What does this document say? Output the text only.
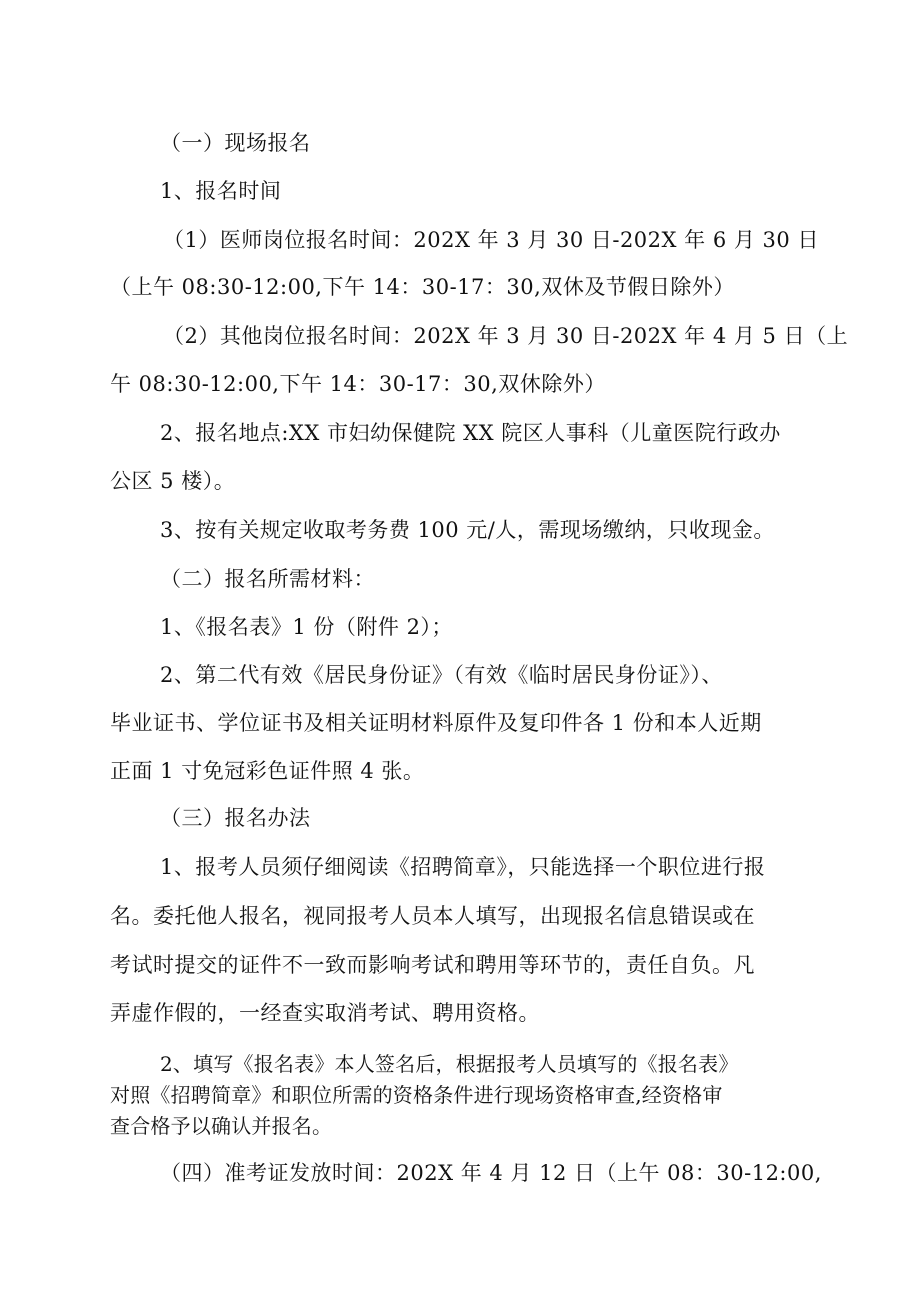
（一）现场报名
1、报名时间
（1）医师岗位报名时间：202X 年 3 月 30 日-202X 年 6 月 30 日
（上午 08:30-12:00,下午 14：30-17：30,双休及节假日除外）
（2）其他岗位报名时间：202X 年 3 月 30 日-202X 年 4 月 5 日（上
午 08:30-12:00,下午 14：30-17：30,双休除外）
2、报名地点:XX 市妇幼保健院 XX 院区人事科（儿童医院行政办
公区 5 楼）。
3、按有关规定收取考务费 100 元/人，需现场缴纳，只收现金。
（二）报名所需材料：
1、《报名表》1 份（附件 2）；
2、第二代有效《居民身份证》（有效《临时居民身份证》）、
毕业证书、学位证书及相关证明材料原件及复印件各 1 份和本人近期
正面 1 寸免冠彩色证件照 4 张。
（三）报名办法
1、报考人员须仔细阅读《招聘简章》，只能选择一个职位进行报
名。委托他人报名，视同报考人员本人填写，出现报名信息错误或在
考试时提交的证件不一致而影响考试和聘用等环节的，责任自负。凡
弄虚作假的，一经查实取消考试、聘用资格。
2、填写《报名表》本人签名后，根据报考人员填写的《报名表》
对照《招聘简章》和职位所需的资格条件进行现场资格审查,经资格审
查合格予以确认并报名。
（四）准考证发放时间：202X 年 4 月 12 日（上午 08：30-12:00,
